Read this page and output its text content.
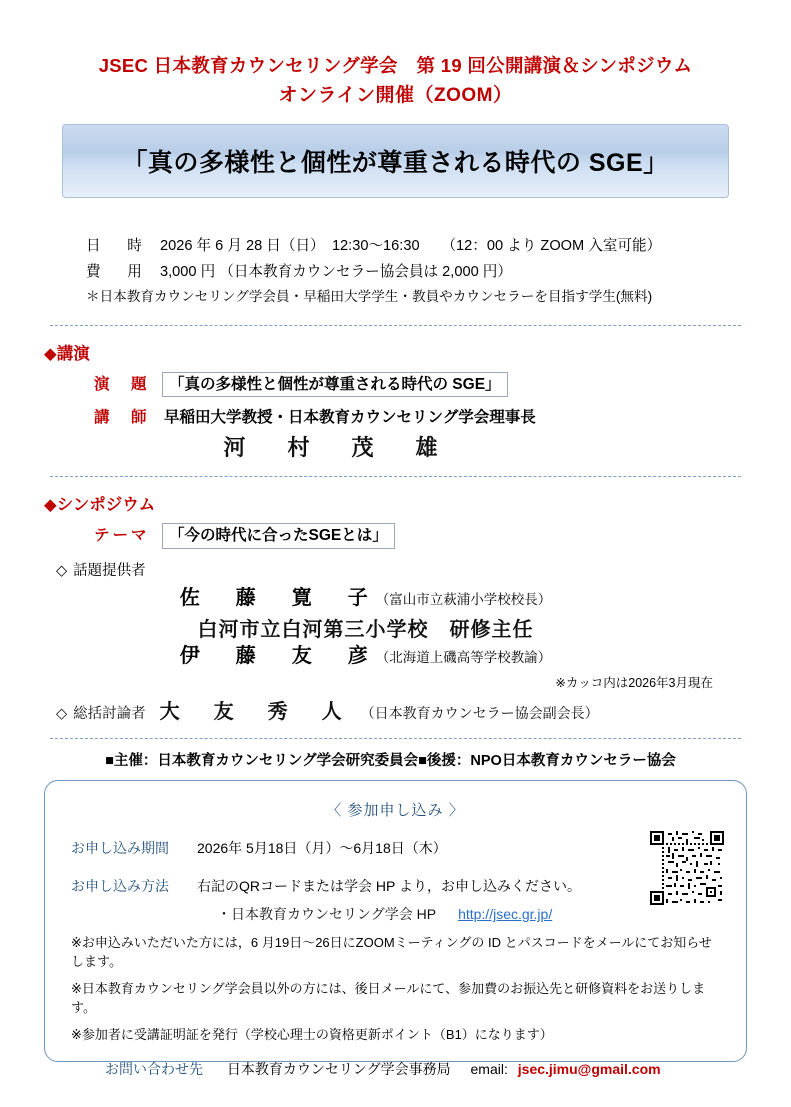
JSEC 日本教育カウンセリング学会　第 19 回公開講演＆シンポジウム
オンライン開催（ZOOM）
「真の多様性と個性が尊重される時代の SGE」
日　時 2026 年 6 月 28 日（日）　12:30～16:30　　（12：00 より ZOOM 入室可能）
費　用 3,000 円 （日本教育カウンセラー協会員は 2,000 円）
＊日本教育カウンセリング学会員・早稲田大学学生・教員やカウンセラーを目指す学生(無料)
◆講演
演　題	「真の多様性と個性が尊重される時代の SGE」
講　師 早稲田大学教授・日本教育カウンセリング学会理事長
河　村　茂　雄
◆シンポジウム
テーマ	「今の時代に合ったSGEとは」
◇ 話題提供者
佐　藤　寛　子（富山市立萩浦小学校校長）
白河市立白河第三小学校　研修主任
伊　藤　友　彦（北海道上磯高等学校教諭）
※カッコ内は2026年3月現在
◇ 総括討論者 大　友　秀　人 （日本教育カウンセラー協会副会長）
■主催：日本教育カウンセリング学会研究委員会■後援：NPO日本教育カウンセラー協会
〈 参加申し込み 〉
お申し込み期間	2026年 5月18日（月）～6月18日（木）
お申し込み方法	右記のQRコードまたは学会 HP より，お申し込みください。
・日本教育カウンセリング学会 HP http://jsec.gr.jp/
※お申込みいただいた方には，6 月19日～26日にZOOMミーティングの ID とパスコードをメールにてお知らせします。
※日本教育カウンセリング学会員以外の方には、後日メールにて、参加費のお振込先と研修資料をお送りします。
※参加者に受講証明証を発行（学校心理士の資格更新ポイント（B1）になります）
お問い合わせ先 日本教育カウンセリング学会事務局 email: jsec.jimu@gmail.com
